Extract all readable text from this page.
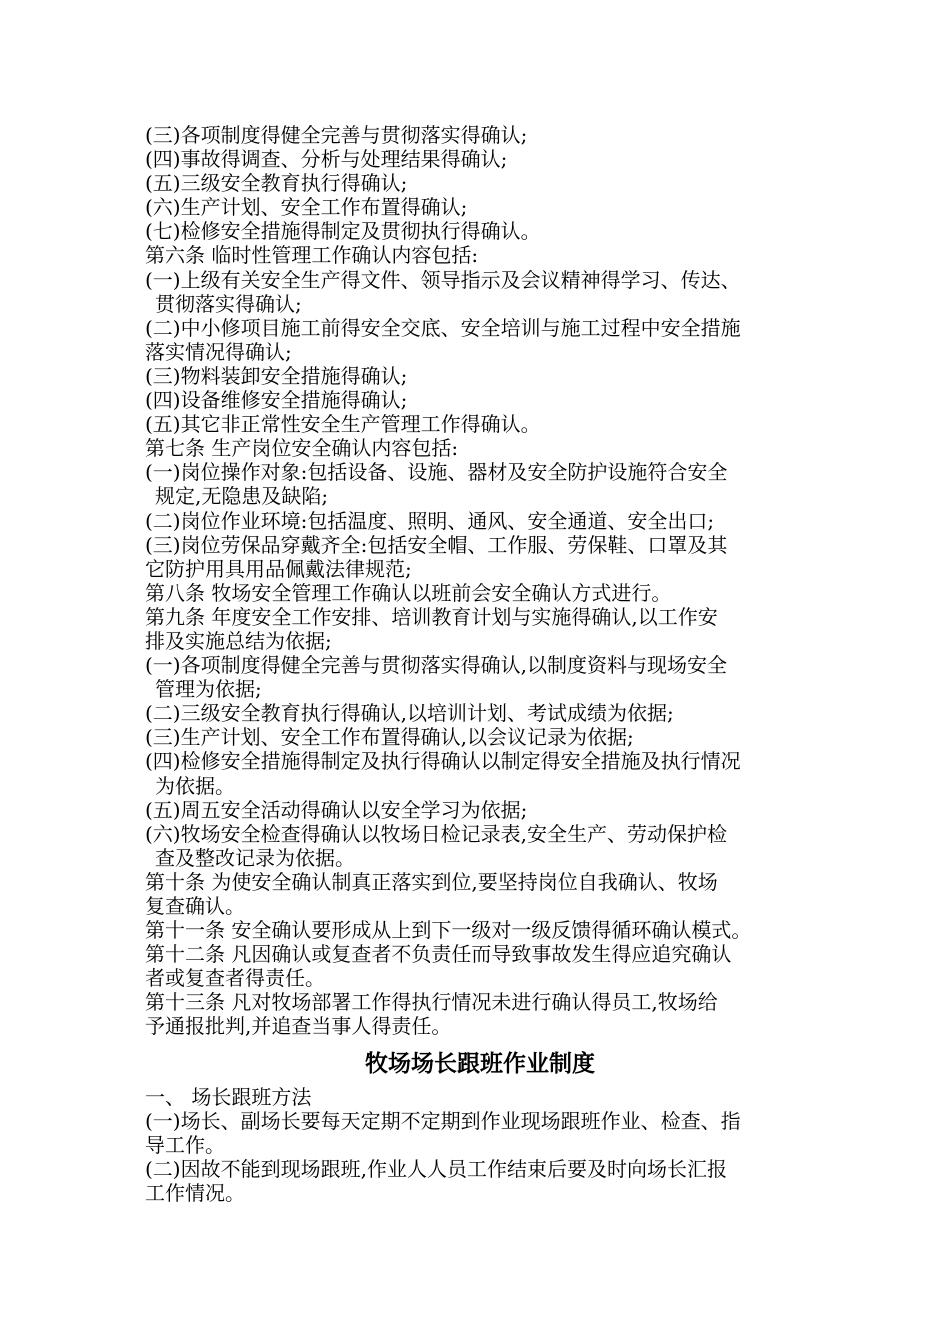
(三)各项制度得健全完善与贯彻落实得确认;

(四)事故得调查、分析与处理结果得确认;

(五)三级安全教育执行得确认;

(六)生产计划、安全工作布置得确认;

(七)检修安全措施得制定及贯彻执行得确认。

第六条 临时性管理工作确认内容包括:

(一)上级有关安全生产得文件、领导指示及会议精神得学习、传达、

贯彻落实得确认;

(二)中小修项目施工前得安全交底、安全培训与施工过程中安全措施

落实情况得确认;

(三)物料装卸安全措施得确认;

(四)设备维修安全措施得确认;

(五)其它非正常性安全生产管理工作得确认。

第七条 生产岗位安全确认内容包括:

(一)岗位操作对象:包括设备、设施、器材及安全防护设施符合安全

规定,无隐患及缺陷;

(二)岗位作业环境:包括温度、照明、通风、安全通道、安全出口;

(三)岗位劳保品穿戴齐全:包括安全帽、工作服、劳保鞋、口罩及其

它防护用具用品佩戴法律规范;

第八条 牧场安全管理工作确认以班前会安全确认方式进行。

第九条 年度安全工作安排、培训教育计划与实施得确认,以工作安

排及实施总结为依据;

(一)各项制度得健全完善与贯彻落实得确认,以制度资料与现场安全

管理为依据;

(二)三级安全教育执行得确认,以培训计划、考试成绩为依据;

(三)生产计划、安全工作布置得确认,以会议记录为依据;

(四)检修安全措施得制定及执行得确认以制定得安全措施及执行情况

为依据。

(五)周五安全活动得确认以安全学习为依据;

(六)牧场安全检查得确认以牧场日检记录表,安全生产、劳动保护检

查及整改记录为依据。

第十条 为使安全确认制真正落实到位,要坚持岗位自我确认、牧场

复查确认。

第十一条 安全确认要形成从上到下一级对一级反馈得循环确认模式。

第十二条 凡因确认或复查者不负责任而导致事故发生得应追究确认

者或复查者得责任。

第十三条 凡对牧场部署工作得执行情况未进行确认得员工,牧场给

予通报批判,并追查当事人得责任。

牧场场长跟班作业制度

一、 场长跟班方法

(一)场长、副场长要每天定期不定期到作业现场跟班作业、检查、指

导工作。

(二)因故不能到现场跟班,作业人人员工作结束后要及时向场长汇报

工作情况。
